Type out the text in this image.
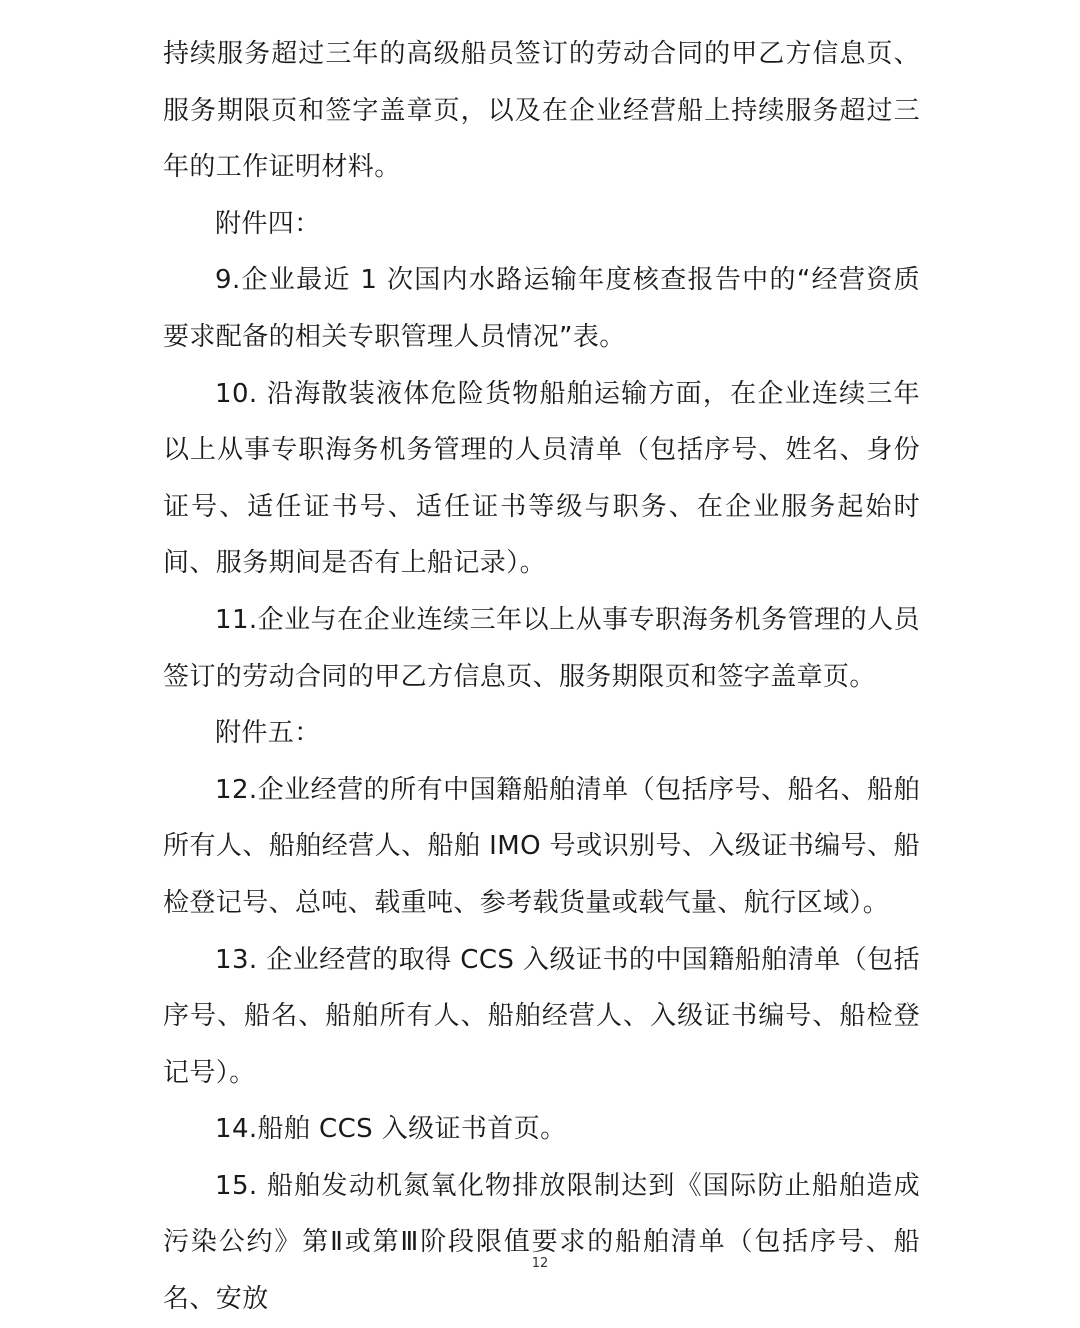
持续服务超过三年的高级船员签订的劳动合同的甲乙方信息页、服务期限页和签字盖章页，以及在企业经营船上持续服务超过三年的工作证明材料。

附件四：

9.企业最近 1 次国内水路运输年度核查报告中的“经营资质要求配备的相关专职管理人员情况”表。

10. 沿海散装液体危险货物船舶运输方面，在企业连续三年以上从事专职海务机务管理的人员清单（包括序号、姓名、身份证号、适任证书号、适任证书等级与职务、在企业服务起始时间、服务期间是否有上船记录）。

11.企业与在企业连续三年以上从事专职海务机务管理的人员签订的劳动合同的甲乙方信息页、服务期限页和签字盖章页。

附件五：

12.企业经营的所有中国籍船舶清单（包括序号、船名、船舶所有人、船舶经营人、船舶 IMO 号或识别号、入级证书编号、船检登记号、总吨、载重吨、参考载货量或载气量、航行区域）。

13. 企业经营的取得 CCS 入级证书的中国籍船舶清单（包括序号、船名、船舶所有人、船舶经营人、入级证书编号、船检登记号）。

14.船舶 CCS 入级证书首页。

15. 船舶发动机氮氧化物排放限制达到《国际防止船舶造成污染公约》第Ⅱ或第Ⅲ阶段限值要求的船舶清单（包括序号、船名、安放

12
